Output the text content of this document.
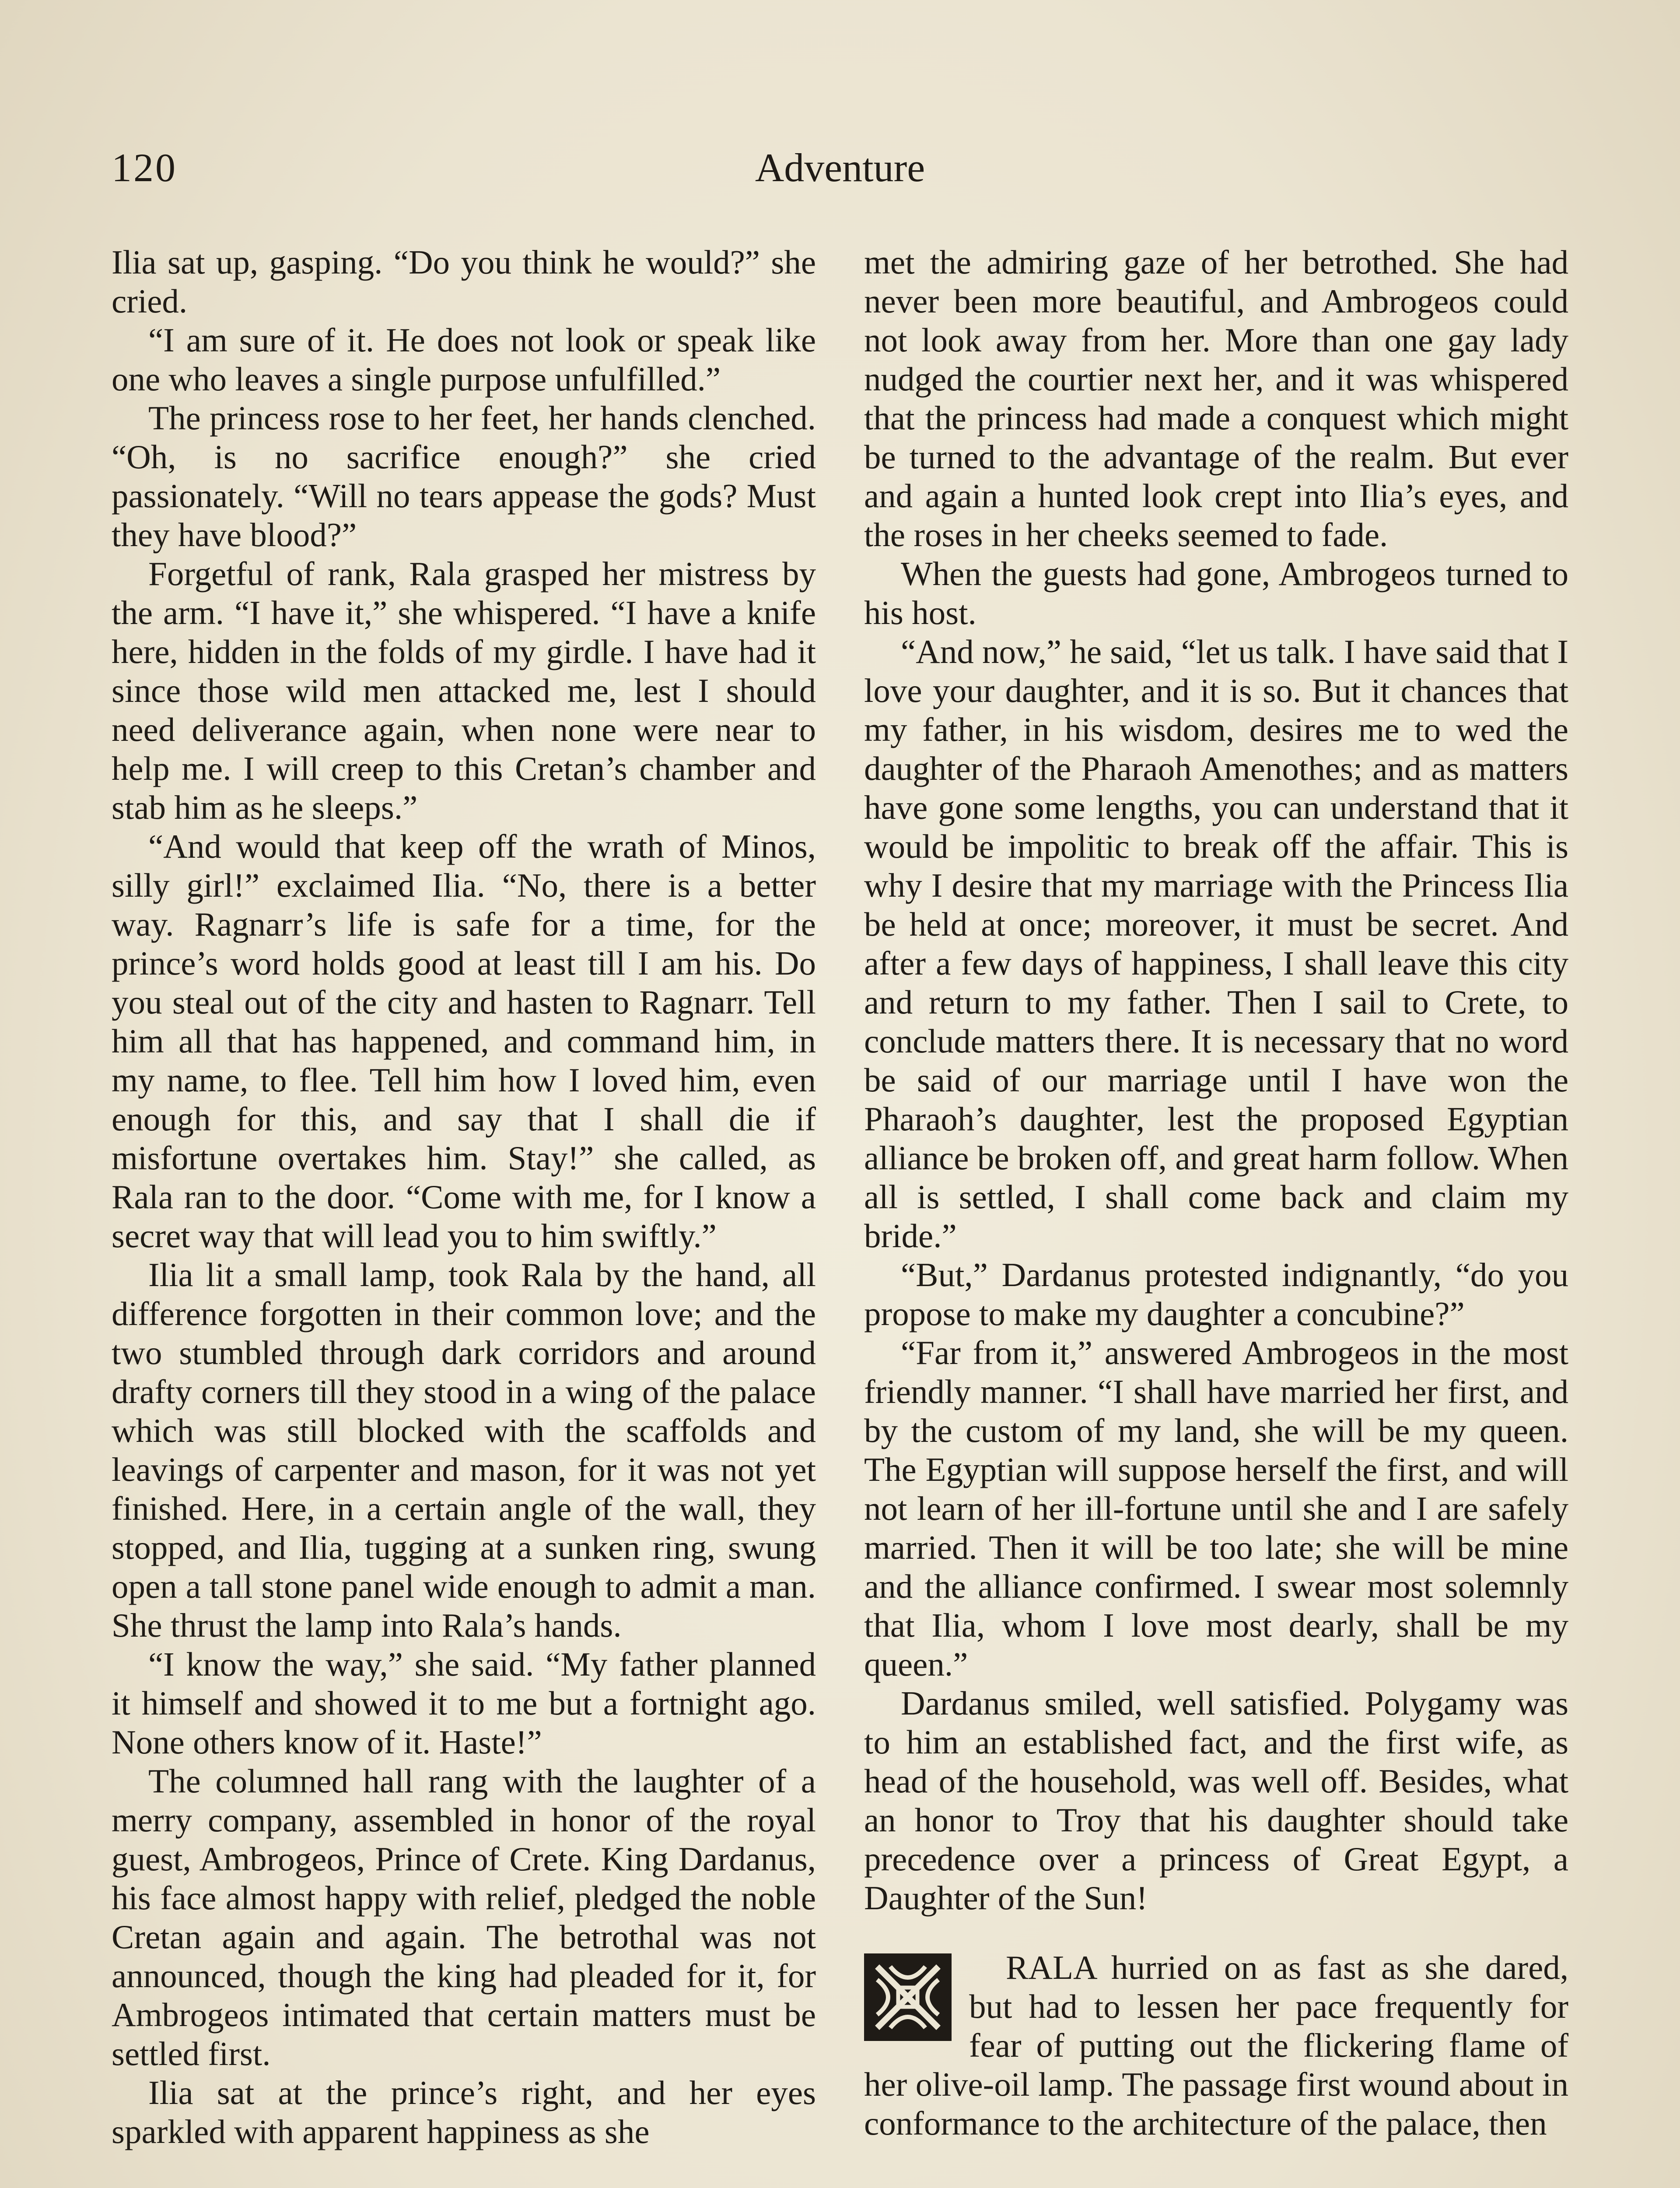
120	Adventure

Ilia sat up, gasping. “Do you think he would?” she cried.

“I am sure of it. He does not look or speak like one who leaves a single purpose unfulfilled.”

The princess rose to her feet, her hands clenched. “Oh, is no sacrifice enough?” she cried passionately. “Will no tears appease the gods? Must they have blood?”

Forgetful of rank, Rala grasped her mistress by the arm. “I have it,” she whispered. “I have a knife here, hidden in the folds of my girdle. I have had it since those wild men attacked me, lest I should need deliverance again, when none were near to help me. I will creep to this Cretan’s chamber and stab him as he sleeps.”

“And would that keep off the wrath of Minos, silly girl!” exclaimed Ilia. “No, there is a better way. Ragnarr’s life is safe for a time, for the prince’s word holds good at least till I am his. Do you steal out of the city and hasten to Ragnarr. Tell him all that has happened, and command him, in my name, to flee. Tell him how I loved him, even enough for this, and say that I shall die if misfortune overtakes him. Stay!” she called, as Rala ran to the door. “Come with me, for I know a secret way that will lead you to him swiftly.”

Ilia lit a small lamp, took Rala by the hand, all difference forgotten in their common love; and the two stumbled through dark corridors and around drafty corners till they stood in a wing of the palace which was still blocked with the scaffolds and leavings of carpenter and mason, for it was not yet finished. Here, in a certain angle of the wall, they stopped, and Ilia, tugging at a sunken ring, swung open a tall stone panel wide enough to admit a man. She thrust the lamp into Rala’s hands.

“I know the way,” she said. “My father planned it himself and showed it to me but a fortnight ago. None others know of it. Haste!”

The columned hall rang with the laughter of a merry company, assembled in honor of the royal guest, Ambrogeos, Prince of Crete. King Dardanus, his face almost happy with relief, pledged the noble Cretan again and again. The betrothal was not announced, though the king had pleaded for it, for Ambrogeos intimated that certain matters must be settled first.

Ilia sat at the prince’s right, and her eyes sparkled with apparent happiness as she

met the admiring gaze of her betrothed. She had never been more beautiful, and Ambrogeos could not look away from her. More than one gay lady nudged the courtier next her, and it was whispered that the princess had made a conquest which might be turned to the advantage of the realm. But ever and again a hunted look crept into Ilia’s eyes, and the roses in her cheeks seemed to fade.

When the guests had gone, Ambrogeos turned to his host.

“And now,” he said, “let us talk. I have said that I love your daughter, and it is so. But it chances that my father, in his wisdom, desires me to wed the daughter of the Pharaoh Amenothes; and as matters have gone some lengths, you can understand that it would be impolitic to break off the affair. This is why I desire that my marriage with the Princess Ilia be held at once; moreover, it must be secret. And after a few days of happiness, I shall leave this city and return to my father. Then I sail to Crete, to conclude matters there. It is necessary that no word be said of our marriage until I have won the Pharaoh’s daughter, lest the proposed Egyptian alliance be broken off, and great harm follow. When all is settled, I shall come back and claim my bride.”

“But,” Dardanus protested indignantly, “do you propose to make my daughter a concubine?”

“Far from it,” answered Ambrogeos in the most friendly manner. “I shall have married her first, and by the custom of my land, she will be my queen. The Egyptian will suppose herself the first, and will not learn of her ill-fortune until she and I are safely married. Then it will be too late; she will be mine and the alliance confirmed. I swear most solemnly that Ilia, whom I love most dearly, shall be my queen.”

Dardanus smiled, well satisfied. Polygamy was to him an established fact, and the first wife, as head of the household, was well off. Besides, what an honor to Troy that his daughter should take precedence over a princess of Great Egypt, a Daughter of the Sun!

RALA hurried on as fast as she dared, but had to lessen her pace frequently for fear of putting out the flickering flame of her olive-oil lamp. The passage first wound about in conformance to the architecture of the palace, then
